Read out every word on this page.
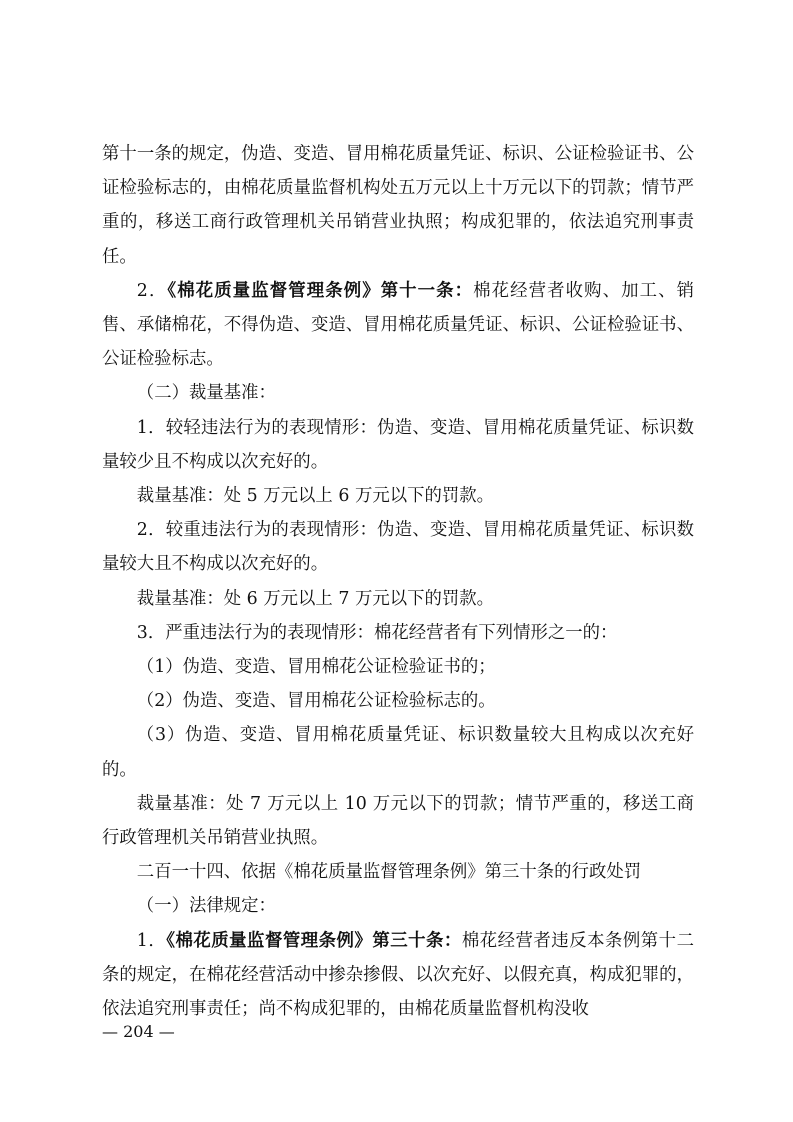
第十一条的规定，伪造、变造、冒用棉花质量凭证、标识、公证检验证书、公证检验标志的，由棉花质量监督机构处五万元以上十万元以下的罚款；情节严重的，移送工商行政管理机关吊销营业执照；构成犯罪的，依法追究刑事责任。

2．《棉花质量监督管理条例》第十一条：棉花经营者收购、加工、销售、承储棉花，不得伪造、变造、冒用棉花质量凭证、标识、公证检验证书、公证检验标志。

（二）裁量基准：

1．较轻违法行为的表现情形：伪造、变造、冒用棉花质量凭证、标识数量较少且不构成以次充好的。

裁量基准：处 5 万元以上 6 万元以下的罚款。

2．较重违法行为的表现情形：伪造、变造、冒用棉花质量凭证、标识数量较大且不构成以次充好的。

裁量基准：处 6 万元以上 7 万元以下的罚款。

3．严重违法行为的表现情形：棉花经营者有下列情形之一的：

（1）伪造、变造、冒用棉花公证检验证书的；

（2）伪造、变造、冒用棉花公证检验标志的。

（3）伪造、变造、冒用棉花质量凭证、标识数量较大且构成以次充好的。

裁量基准：处 7 万元以上 10 万元以下的罚款；情节严重的，移送工商行政管理机关吊销营业执照。

二百一十四、依据《棉花质量监督管理条例》第三十条的行政处罚

（一）法律规定：

1．《棉花质量监督管理条例》第三十条：棉花经营者违反本条例第十二条的规定，在棉花经营活动中掺杂掺假、以次充好、以假充真，构成犯罪的，依法追究刑事责任；尚不构成犯罪的，由棉花质量监督机构没收

— 204 —
